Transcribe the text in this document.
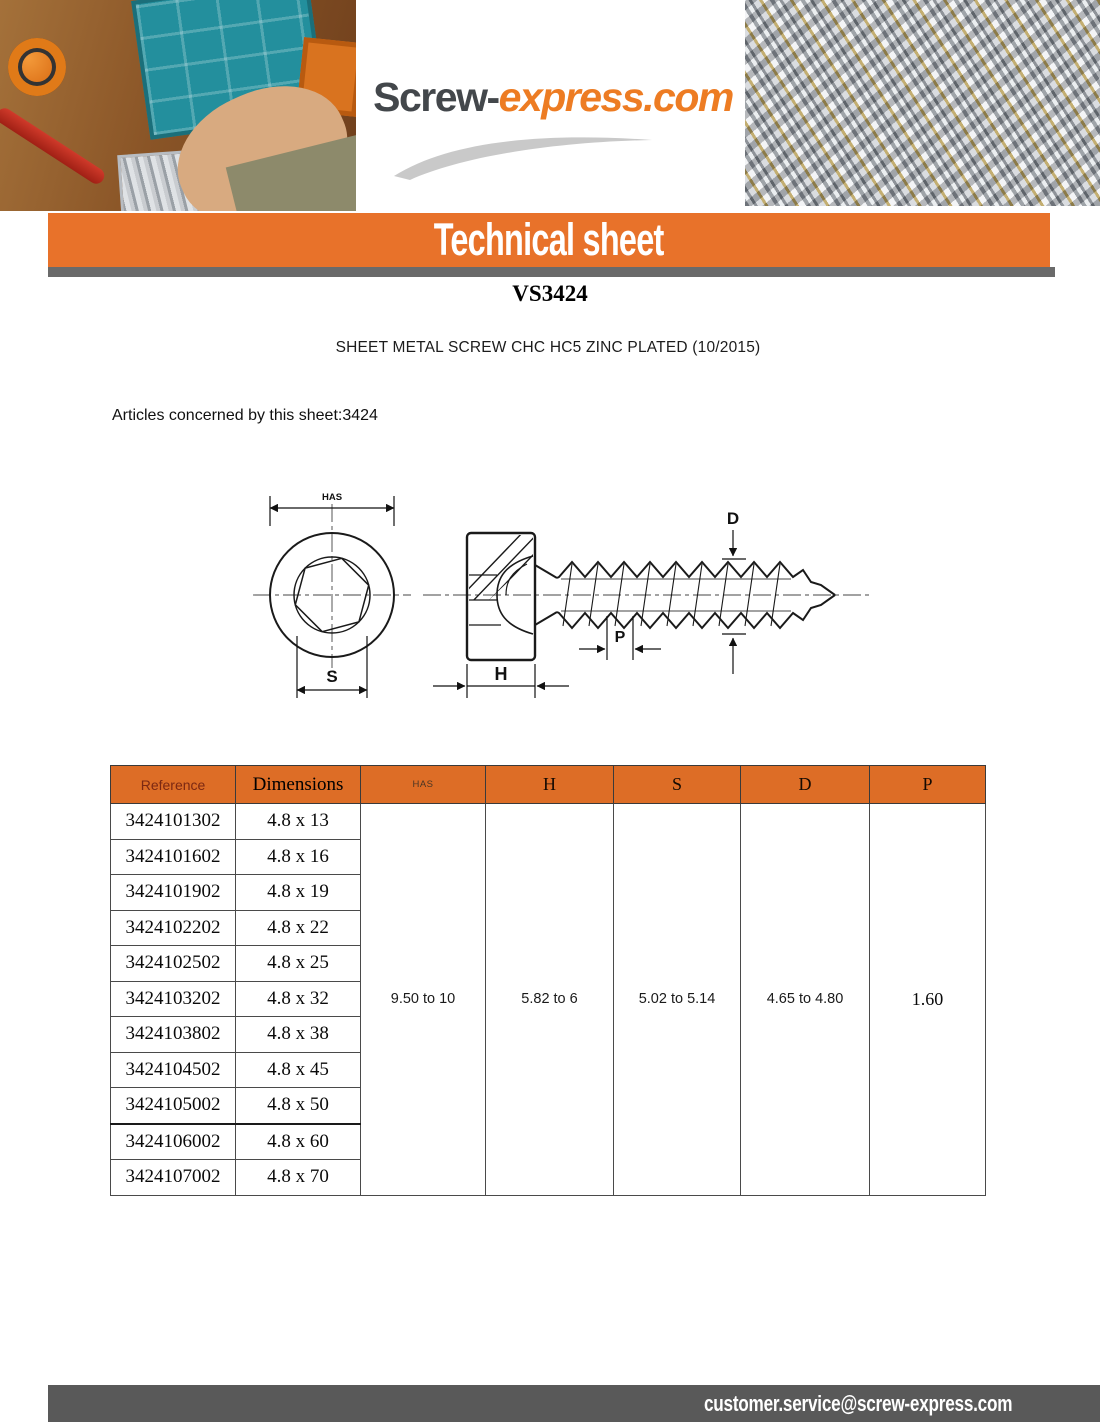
Screw-express.com
Technical sheet
VS3424
SHEET METAL SCREW CHC HC5 ZINC PLATED (10/2015)
Articles concerned by this sheet:3424
HAS
S	H
P
D
Reference	Dimensions	HAS	H	S	D	P
3424101302	4.8 x 13	9.50 to 10	5.82 to 6	5.02 to 5.14	4.65 to 4.80	1.60
3424101602	4.8 x 16					
3424101902	4.8 x 19					
3424102202	4.8 x 22					
3424102502	4.8 x 25					
3424103202	4.8 x 32					
3424103802	4.8 x 38					
3424104502	4.8 x 45					
3424105002	4.8 x 50					
3424106002	4.8 x 60					
3424107002	4.8 x 70					
customer.service@screw-express.com
